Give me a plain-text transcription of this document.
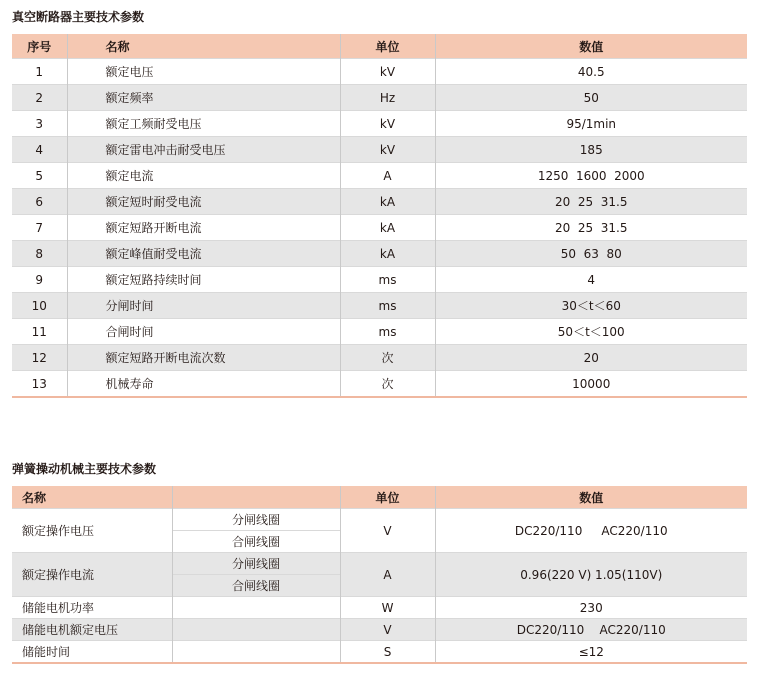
真空断路器主要技术参数
序号	名称	单位	数值
1	额定电压	kV	40.5
2	额定频率	Hz	50
3	额定工频耐受电压	kV	95/1min
4	额定雷电冲击耐受电压	kV	185
5	额定电流	A	1250  1600  2000
6	额定短时耐受电流	kA	20  25  31.5
7	额定短路开断电流	kA	20  25  31.5
8	额定峰值耐受电流	kA	50  63  80
9	额定短路持续时间	ms	4
10	分闸时间	ms	30＜t＜60
11	合闸时间	ms	50＜t＜100
12	额定短路开断电流次数	次	20
13	机械寿命	次	10000
弹簧操动机械主要技术参数
名称		单位	数值
额定操作电压	分闸线圈	V	DC220/110     AC220/110
	合闸线圈		
额定操作电流	分闸线圈	A	0.96(220 V) 1.05(110V)
	合闸线圈		
储能电机功率		W	230
储能电机额定电压		V	DC220/110    AC220/110
储能时间		S	≤12
